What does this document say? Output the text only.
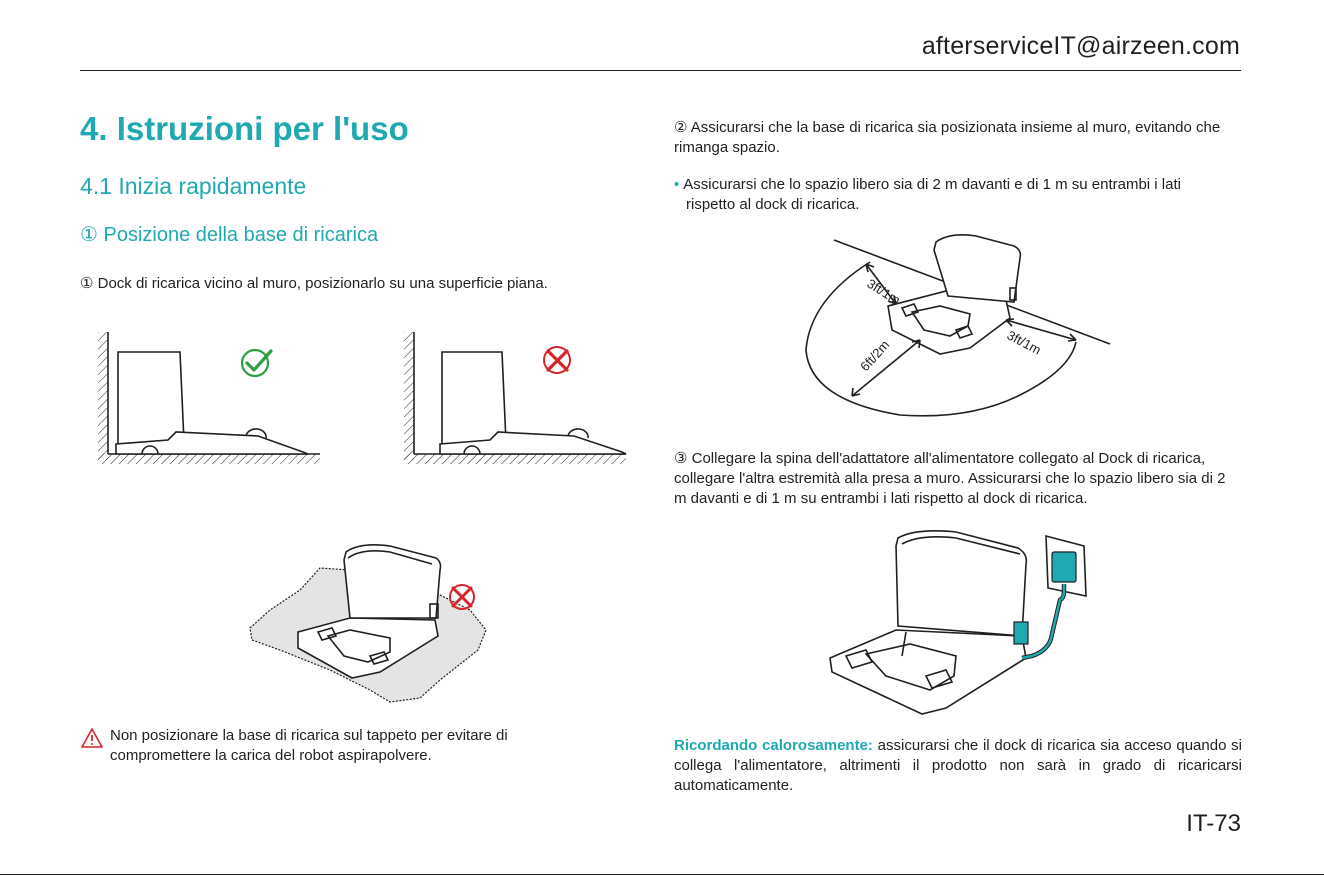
afterserviceIT@airzeen.com
4. Istruzioni per l'uso
4.1 Inizia rapidamente
① Posizione della base di ricarica
① Dock di ricarica vicino al muro, posizionarlo su una superficie piana.
Non posizionare la base di ricarica sul tappeto per evitare di compromettere la carica del robot aspirapolvere.
② Assicurarsi che la base di ricarica sia posizionata insieme al muro, evitando che rimanga spazio.
• Assicurarsi che lo spazio libero sia di 2 m davanti e di 1 m su entrambi i lati
rispetto al dock di ricarica.
3ft/1m
3ft/1m
6ft/2m
③ Collegare la spina dell'adattatore all'alimentatore collegato al Dock di ricarica, collegare l'altra estremità alla presa a muro. Assicurarsi che lo spazio libero sia di 2 m davanti e di 1 m su entrambi i lati rispetto al dock di ricarica.
Ricordando calorosamente: assicurarsi che il dock di ricarica sia acceso quando si collega l'alimentatore, altrimenti il prodotto non sarà in grado di ricaricarsi automaticamente.
IT-73
